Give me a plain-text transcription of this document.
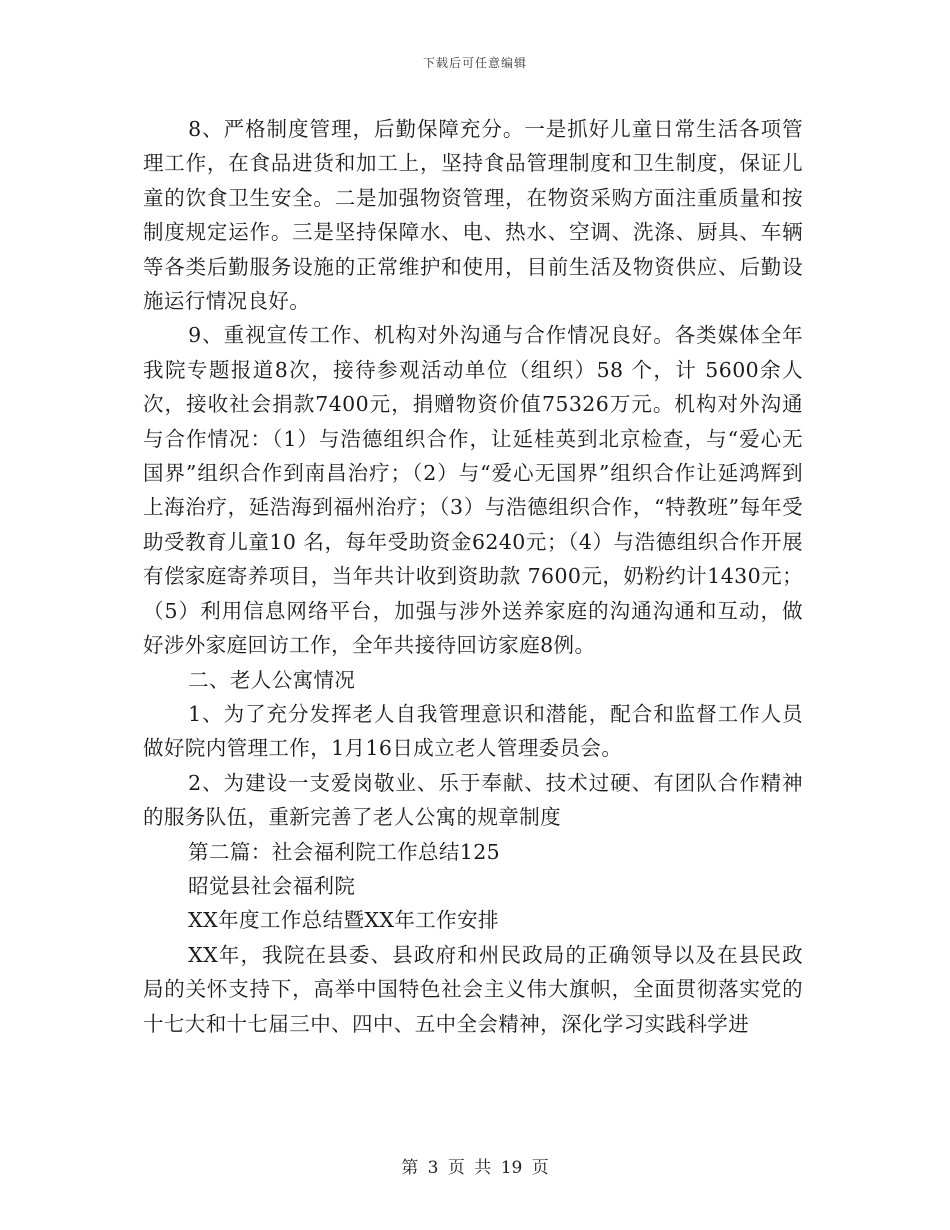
下载后可任意编辑

8、严格制度管理，后勤保障充分。一是抓好儿童日常生活各项管理工作，在食品进货和加工上，坚持食品管理制度和卫生制度，保证儿童的饮食卫生安全。二是加强物资管理，在物资采购方面注重质量和按制度规定运作。三是坚持保障水、电、热水、空调、洗涤、厨具、车辆等各类后勤服务设施的正常维护和使用，目前生活及物资供应、后勤设施运行情况良好。

9、重视宣传工作、机构对外沟通与合作情况良好。各类媒体全年我院专题报道8次，接待参观活动单位（组织）58 个，计 5600余人次，接收社会捐款7400元，捐赠物资价值75326万元。机构对外沟通与合作情况：（1）与浩德组织合作，让延桂英到北京检查，与“爱心无国界”组织合作到南昌治疗；（2）与“爱心无国界”组织合作让延鸿辉到上海治疗，延浩海到福州治疗；（3）与浩德组织合作，“特教班”每年受助受教育儿童10 名，每年受助资金6240元；（4）与浩德组织合作开展有偿家庭寄养项目，当年共计收到资助款 7600元，奶粉约计1430元；（5）利用信息网络平台，加强与涉外送养家庭的沟通沟通和互动，做好涉外家庭回访工作，全年共接待回访家庭8例。

二、老人公寓情况

1、为了充分发挥老人自我管理意识和潜能，配合和监督工作人员做好院内管理工作，1月16日成立老人管理委员会。

2、为建设一支爱岗敬业、乐于奉献、技术过硬、有团队合作精神的服务队伍，重新完善了老人公寓的规章制度

第二篇：社会福利院工作总结125

昭觉县社会福利院

XX年度工作总结暨XX年工作安排

XX年，我院在县委、县政府和州民政局的正确领导以及在县民政局的关怀支持下，高举中国特色社会主义伟大旗帜，全面贯彻落实党的十七大和十七届三中、四中、五中全会精神，深化学习实践科学进

第 3 页 共 19 页
